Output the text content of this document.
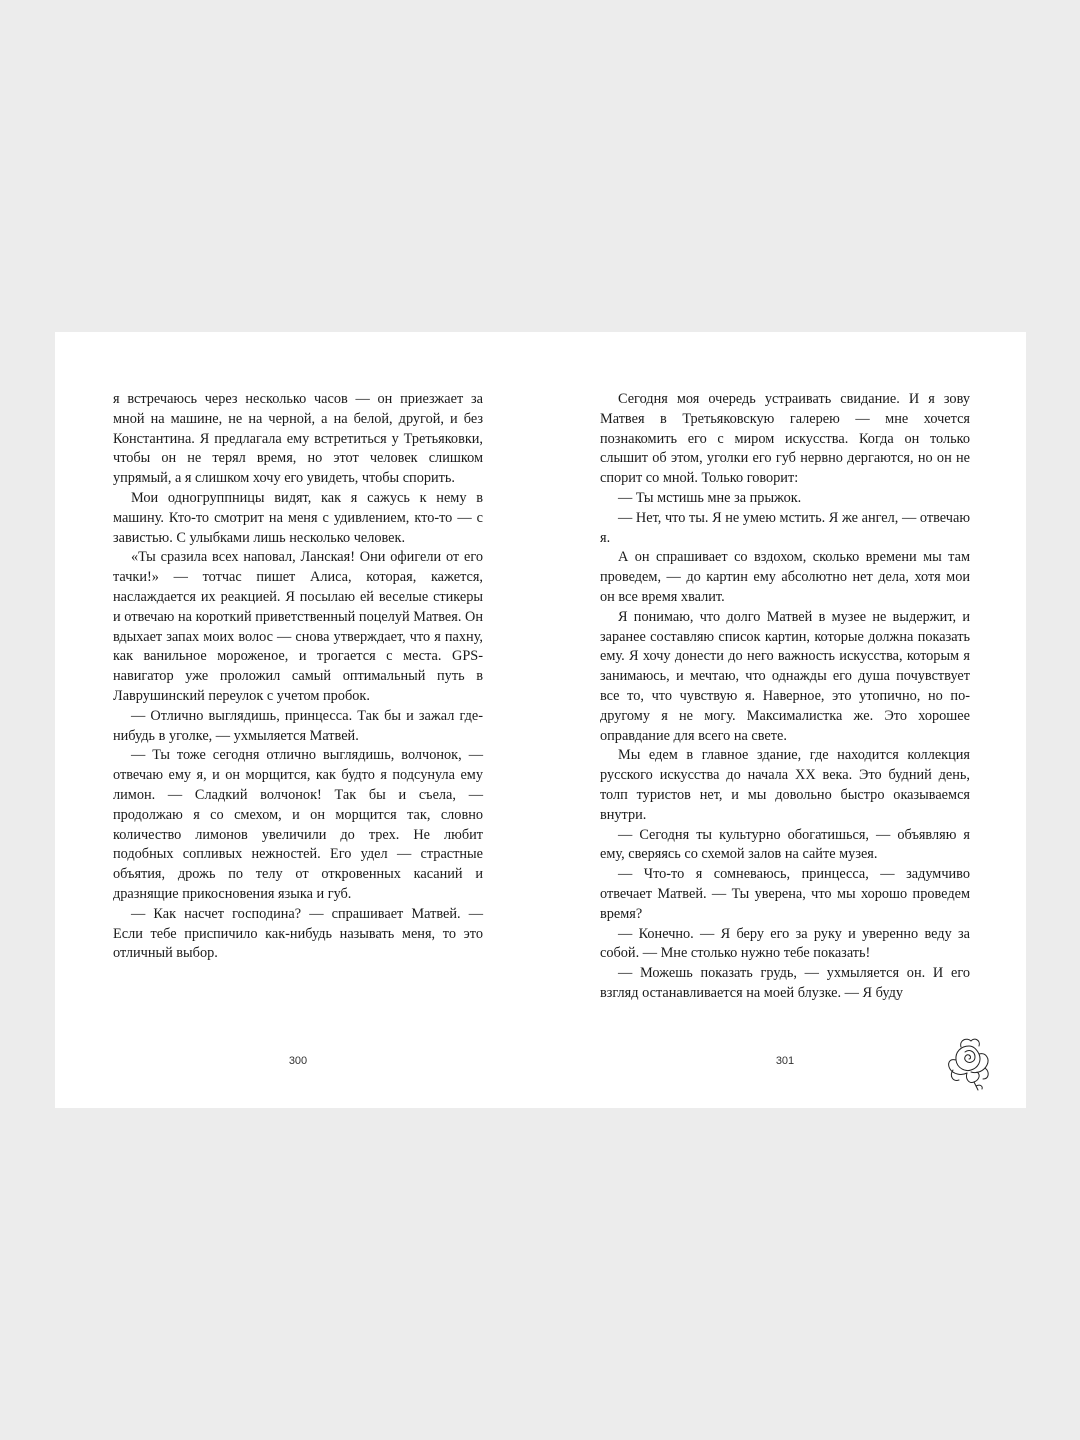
я встречаюсь через несколько часов — он приезжает за мной на машине, не на черной, а на белой, другой, и без Константина. Я предлагала ему встретиться у Третьяковки, чтобы он не терял время, но этот человек слишком упрямый, а я слишком хочу его увидеть, чтобы спорить.

Мои одногруппницы видят, как я сажусь к нему в машину. Кто-то смотрит на меня с удивлением, кто-то — с завистью. С улыбками лишь несколько человек.

«Ты сразила всех наповал, Ланская! Они офигели от его тачки!» — тотчас пишет Алиса, которая, кажется, наслаждается их реакцией. Я посылаю ей веселые стикеры и отвечаю на короткий приветственный поцелуй Матвея. Он вдыхает запах моих волос — снова утверждает, что я пахну, как ванильное мороженое, и трогается с места. GPS-навигатор уже проложил самый оптимальный путь в Лаврушинский переулок с учетом пробок.

— Отлично выглядишь, принцесса. Так бы и зажал где-нибудь в уголке, — ухмыляется Матвей.

— Ты тоже сегодня отлично выглядишь, волчонок, — отвечаю ему я, и он морщится, как будто я подсунула ему лимон. — Сладкий волчонок! Так бы и съела, — продолжаю я со смехом, и он морщится так, словно количество лимонов увеличили до трех. Не любит подобных сопливых нежностей. Его удел — страстные объятия, дрожь по телу от откровенных касаний и дразнящие прикосновения языка и губ.

— Как насчет господина? — спрашивает Матвей. — Если тебе приспичило как-нибудь называть меня, то это отличный выбор.

Сегодня моя очередь устраивать свидание. И я зову Матвея в Третьяковскую галерею — мне хочется познакомить его с миром искусства. Когда он только слышит об этом, уголки его губ нервно дергаются, но он не спорит со мной. Только говорит:

— Ты мстишь мне за прыжок.

— Нет, что ты. Я не умею мстить. Я же ангел, — отвечаю я.

А он спрашивает со вздохом, сколько времени мы там проведем, — до картин ему абсолютно нет дела, хотя мои он все время хвалит.

Я понимаю, что долго Матвей в музее не выдержит, и заранее составляю список картин, которые должна показать ему. Я хочу донести до него важность искусства, которым я занимаюсь, и мечтаю, что однажды его душа почувствует все то, что чувствую я. Наверное, это утопично, но по-другому я не могу. Максималистка же. Это хорошее оправдание для всего на свете.

Мы едем в главное здание, где находится коллекция русского искусства до начала XX века. Это будний день, толп туристов нет, и мы довольно быстро оказываемся внутри.

— Сегодня ты культурно обогатишься, — объявляю я ему, сверяясь со схемой залов на сайте музея.

— Что-то я сомневаюсь, принцесса, — задумчиво отвечает Матвей. — Ты уверена, что мы хорошо проведем время?

— Конечно. — Я беру его за руку и уверенно веду за собой. — Мне столько нужно тебе показать!

— Можешь показать грудь, — ухмыляется он. И его взгляд останавливается на моей блузке. — Я буду

300	301
